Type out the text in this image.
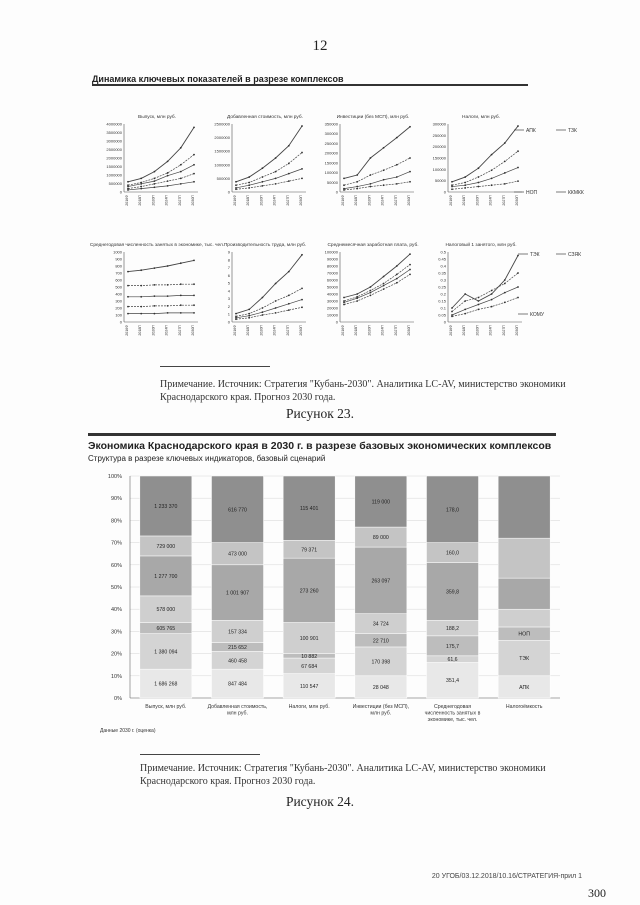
12
Динамика ключевых показателей в разрезе комплексов
Выпуск, млн руб.
4000000
3500000
3000000
2500000
2000000
1500000
1000000
500000
0
2016Ф	2018П	2020П	2024П	2027П	2030П
Добавленная стоимость, млн руб.
2500000
2000000
1500000
1000000
500000
0
2016Ф	2018П	2020П	2024П	2027П	2030П
Инвестиции (без МСП), млн руб.
350000
300000
250000
200000
150000
100000
50000
0
2016Ф	2018П	2020П	2024П	2027П	2030П
Налоги, млн руб.
300000
250000
200000
150000
100000
50000
0
2016Ф	2018П	2020П	2024П	2027П	2030П
Среднегодовая численность занятых в экономике, тыс. чел.
1000
900
800
700
600
500
400
300
200
100
0
2016Ф	2018П	2020П	2024П	2027П	2030П
Производительность труда, млн руб.
9
8
7
6
5
4
3
2
1
0
2016Ф	2018П	2020П	2024П	2027П	2030П
Среднемесячная заработная плата, руб.
100000
90000
80000
70000
60000
50000
40000
30000
20000
10000
0
2016Ф	2018П	2020П	2024П	2027П	2030П
Налоговый 1 занятого, млн руб.
0.5
0.45
0.4
0.35
0.3
0.25
0.2
0.15
0.1
0.05
0
2016Ф	2018П	2020П	2024П	2027П	2030П
АПК	ТЗК
НОП	ККМКК
ТЭК	СЗЯК
КОМУ
Примечание. Источник: Стратегия "Кубань-2030". Аналитика LC-AV, министерство экономики Краснодарского края. Прогноз 2030 года.
Рисунок 23.
Экономика Краснодарского края в 2030 г. в разрезе базовых экономических комплексов
Структура в разрезе ключевых индикаторов, базовый сценарий
100%
90%
80%
70%
60%
50%
40%
30%
20%
10%
0%
1 686 268
1 380 094
605 765
578 000
1 277 700
729 000
1 233 370
Выпуск, млн руб.
847 484
460 458
215 652
157 334
1 001 907
473 000
616 770
Добавленная стоимость,
млн руб.
110 547
67 684
10 882
100 901
273 260
79 371
115 401
Налоги, млн руб.
28 048
170 398
22 710
34 724
263 097
89 000
119 000
Инвестиции (без МСП),
млн руб.
351,4
61,6
175,7
188,2
359,8
160,0
178,0
Среднегодовая
численность занятых в
экономике, тыс. чел.
АПК
ТЭК
НОП
Налогоёмкость
Данные 2030 г. (оценка)
Примечание. Источник: Стратегия "Кубань-2030". Аналитика LC-AV, министерство экономики Краснодарского края. Прогноз 2030 года.
Рисунок 24.
20 УГОБ/03.12.2018/10.16/СТРАТЕГИЯ-прил 1
300
